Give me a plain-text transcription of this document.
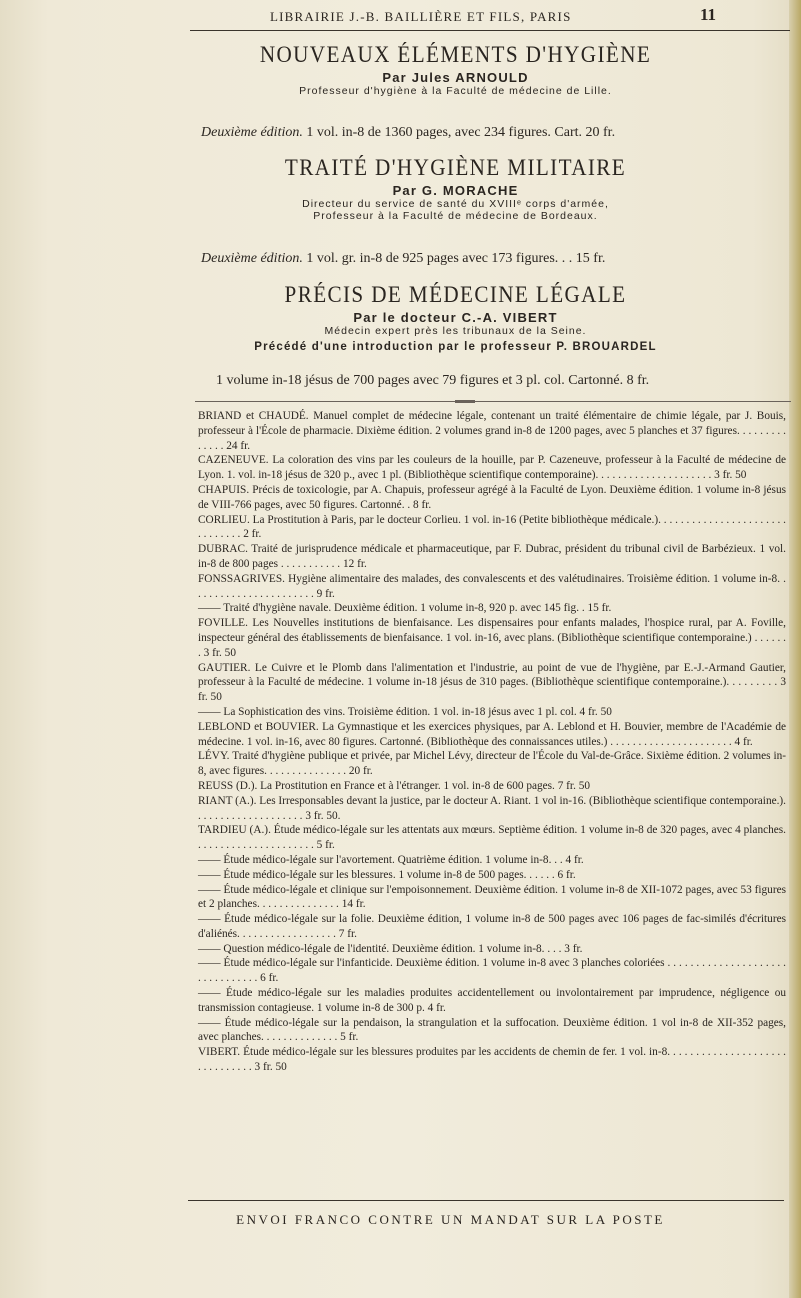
LIBRAIRIE J.-B. BAILLIÈRE ET FILS, PARIS	11
NOUVEAUX ÉLÉMENTS D'HYGIÈNE
Par Jules ARNOULD
Professeur d'hygiène à la Faculté de médecine de Lille.
Deuxième édition. 1 vol. in-8 de 1360 pages, avec 234 figures. Cart. 20 fr.
TRAITÉ D'HYGIÈNE MILITAIRE
Par G. MORACHE
Directeur du service de santé du XVIIIᵉ corps d'armée,
Professeur à la Faculté de médecine de Bordeaux.
Deuxième édition. 1 vol. gr. in-8 de 925 pages avec 173 figures. . . 15 fr.
PRÉCIS DE MÉDECINE LÉGALE
Par le docteur C.-A. VIBERT
Médecin expert près les tribunaux de la Seine.
Précédé d'une introduction par le professeur P. BROUARDEL
1 volume in-18 jésus de 700 pages avec 79 figures et 3 pl. col. Cartonné. 8 fr.

BRIAND et CHAUDÉ. Manuel complet de médecine légale, contenant un traité élémentaire de chimie légale, par J. Bouis, professeur à l'École de pharmacie. Dixième édition. 2 volumes grand in-8 de 1200 pages, avec 5 planches et 37 figures. . . . . . . . . . . . . . 24 fr.

CAZENEUVE. La coloration des vins par les couleurs de la houille, par P. Cazeneuve, professeur à la Faculté de médecine de Lyon. 1. vol. in-18 jésus de 320 p., avec 1 pl. (Bibliothèque scientifique contemporaine). . . . . . . . . . . . . . . . . . . . . 3 fr. 50

CHAPUIS. Précis de toxicologie, par A. Chapuis, professeur agrégé à la Faculté de Lyon. Deuxième édition. 1 volume in-8 jésus de VIII-766 pages, avec 50 figures. Cartonné. . 8 fr.

CORLIEU. La Prostitution à Paris, par le docteur Corlieu. 1 vol. in-16 (Petite bibliothèque médicale.). . . . . . . . . . . . . . . . . . . . . . . . . . . . . . . 2 fr.

DUBRAC. Traité de jurisprudence médicale et pharmaceutique, par F. Dubrac, président du tribunal civil de Barbézieux. 1 vol. in-8 de 800 pages . . . . . . . . . . . 12 fr.

FONSSAGRIVES. Hygiène alimentaire des malades, des convalescents et des valétudinaires. Troisième édition. 1 volume in-8. . . . . . . . . . . . . . . . . . . . . . . 9 fr.

—— Traité d'hygiène navale. Deuxième édition. 1 volume in-8, 920 p. avec 145 fig. . 15 fr.

FOVILLE. Les Nouvelles institutions de bienfaisance. Les dispensaires pour enfants malades, l'hospice rural, par A. Foville, inspecteur général des établissements de bienfaisance. 1 vol. in-16, avec plans. (Bibliothèque scientifique contemporaine.) . . . . . . . 3 fr. 50

GAUTIER. Le Cuivre et le Plomb dans l'alimentation et l'industrie, au point de vue de l'hygiène, par E.-J.-Armand Gautier, professeur à la Faculté de médecine. 1 volume in-18 jésus de 310 pages. (Bibliothèque scientifique contemporaine.). . . . . . . . . 3 fr. 50

—— La Sophistication des vins. Troisième édition. 1 vol. in-18 jésus avec 1 pl. col. 4 fr. 50

LEBLOND et BOUVIER. La Gymnastique et les exercices physiques, par A. Leblond et H. Bouvier, membre de l'Académie de médecine. 1 vol. in-16, avec 80 figures. Cartonné. (Bibliothèque des connaissances utiles.) . . . . . . . . . . . . . . . . . . . . . . 4 fr.

LÉVY. Traité d'hygiène publique et privée, par Michel Lévy, directeur de l'École du Val-de-Grâce. Sixième édition. 2 volumes in-8, avec figures. . . . . . . . . . . . . . . 20 fr.

REUSS (D.). La Prostitution en France et à l'étranger. 1 vol. in-8 de 600 pages. 7 fr. 50

RIANT (A.). Les Irresponsables devant la justice, par le docteur A. Riant. 1 vol in-16. (Bibliothèque scientifique contemporaine.). . . . . . . . . . . . . . . . . . . . 3 fr. 50.

TARDIEU (A.). Étude médico-légale sur les attentats aux mœurs. Septième édition. 1 volume in-8 de 320 pages, avec 4 planches. . . . . . . . . . . . . . . . . . . . . . 5 fr.

—— Étude médico-légale sur l'avortement. Quatrième édition. 1 volume in-8. . . 4 fr.

—— Étude médico-légale sur les blessures. 1 volume in-8 de 500 pages. . . . . . 6 fr.

—— Étude médico-légale et clinique sur l'empoisonnement. Deuxième édition. 1 volume in-8 de XII-1072 pages, avec 53 figures et 2 planches. . . . . . . . . . . . . . . 14 fr.

—— Étude médico-légale sur la folie. Deuxième édition, 1 volume in-8 de 500 pages avec 106 pages de fac-similés d'écritures d'aliénés. . . . . . . . . . . . . . . . . . 7 fr.

—— Question médico-légale de l'identité. Deuxième édition. 1 volume in-8. . . . 3 fr.

—— Étude médico-légale sur l'infanticide. Deuxième édition. 1 volume in-8 avec 3 planches coloriées . . . . . . . . . . . . . . . . . . . . . . . . . . . . . . . . 6 fr.

—— Étude médico-légale sur les maladies produites accidentellement ou involontairement par imprudence, négligence ou transmission contagieuse. 1 volume in-8 de 300 p. 4 fr.

—— Étude médico-légale sur la pendaison, la strangulation et la suffocation. Deuxième édition. 1 vol in-8 de XII-352 pages, avec planches. . . . . . . . . . . . . . 5 fr.

VIBERT. Étude médico-légale sur les blessures produites par les accidents de chemin de fer. 1 vol. in-8. . . . . . . . . . . . . . . . . . . . . . . . . . . . . . . 3 fr. 50

ENVOI FRANCO CONTRE UN MANDAT SUR LA POSTE
